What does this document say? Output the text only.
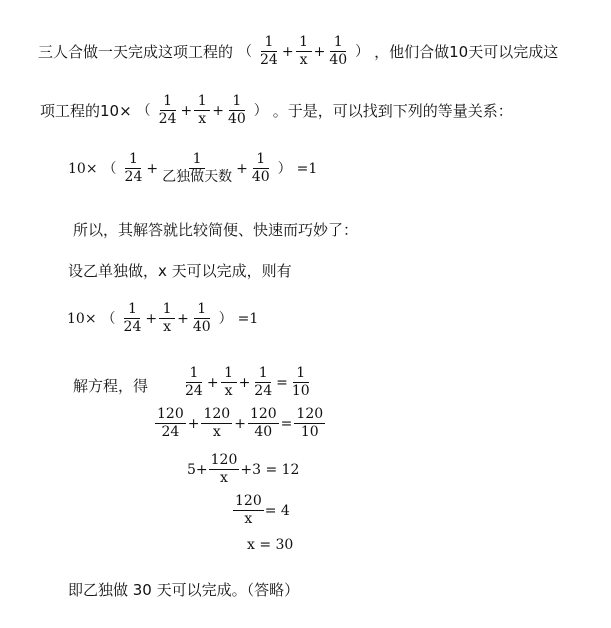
三人合做一天完成这项工程的 （ $\frac{1}{24} + \frac{1}{x} + \frac{1}{40}$ ） ，他们合做10天可以完成这
项工程的10× （ $\frac{1}{24} + \frac{1}{x} + \frac{1}{40}$ ） 。于是，可以找到下列的等量关系：
10× （ $\frac{1}{24} + \frac{1}{\text{乙独做天数}} + \frac{1}{40}$ ） =1
所以，其解答就比较简便、快速而巧妙了：
设乙单独做，x 天可以完成，则有
10× （ $\frac{1}{24} + \frac{1}{x} + \frac{1}{40}$ ） =1
解方程，得 $\frac{1}{24} + \frac{1}{x} + \frac{1}{24} = \frac{1}{10}$
$\frac{120}{24} + \frac{120}{x} + \frac{120}{40} = \frac{120}{10}$
$5+ \frac{120}{x} +3 = 12$
$\frac{120}{x} = 4$
x = 30
即乙独做 30 天可以完成。（答略）
